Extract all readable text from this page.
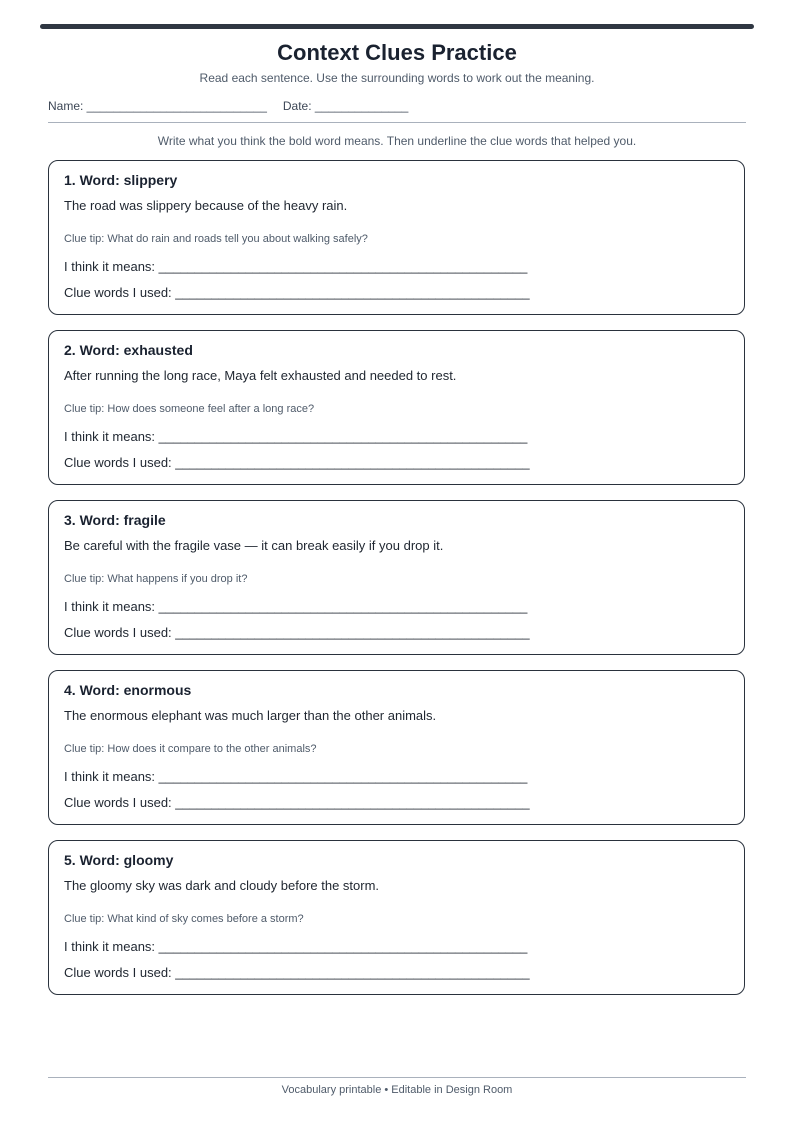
Context Clues Practice
Read each sentence. Use the surrounding words to work out the meaning.
Name: ___________________________ Date: ______________
Write what you think the bold word means. Then underline the clue words that helped you.
1. Word: slippery
The road was slippery because of the heavy rain.
Clue tip: What do rain and roads tell you about walking safely?
I think it means: ___________________________________________________
Clue words I used: _________________________________________________
2. Word: exhausted
After running the long race, Maya felt exhausted and needed to rest.
Clue tip: How does someone feel after a long race?
I think it means: ___________________________________________________
Clue words I used: _________________________________________________
3. Word: fragile
Be careful with the fragile vase — it can break easily if you drop it.
Clue tip: What happens if you drop it?
I think it means: ___________________________________________________
Clue words I used: _________________________________________________
4. Word: enormous
The enormous elephant was much larger than the other animals.
Clue tip: How does it compare to the other animals?
I think it means: ___________________________________________________
Clue words I used: _________________________________________________
5. Word: gloomy
The gloomy sky was dark and cloudy before the storm.
Clue tip: What kind of sky comes before a storm?
I think it means: ___________________________________________________
Clue words I used: _________________________________________________
Vocabulary printable • Editable in Design Room
